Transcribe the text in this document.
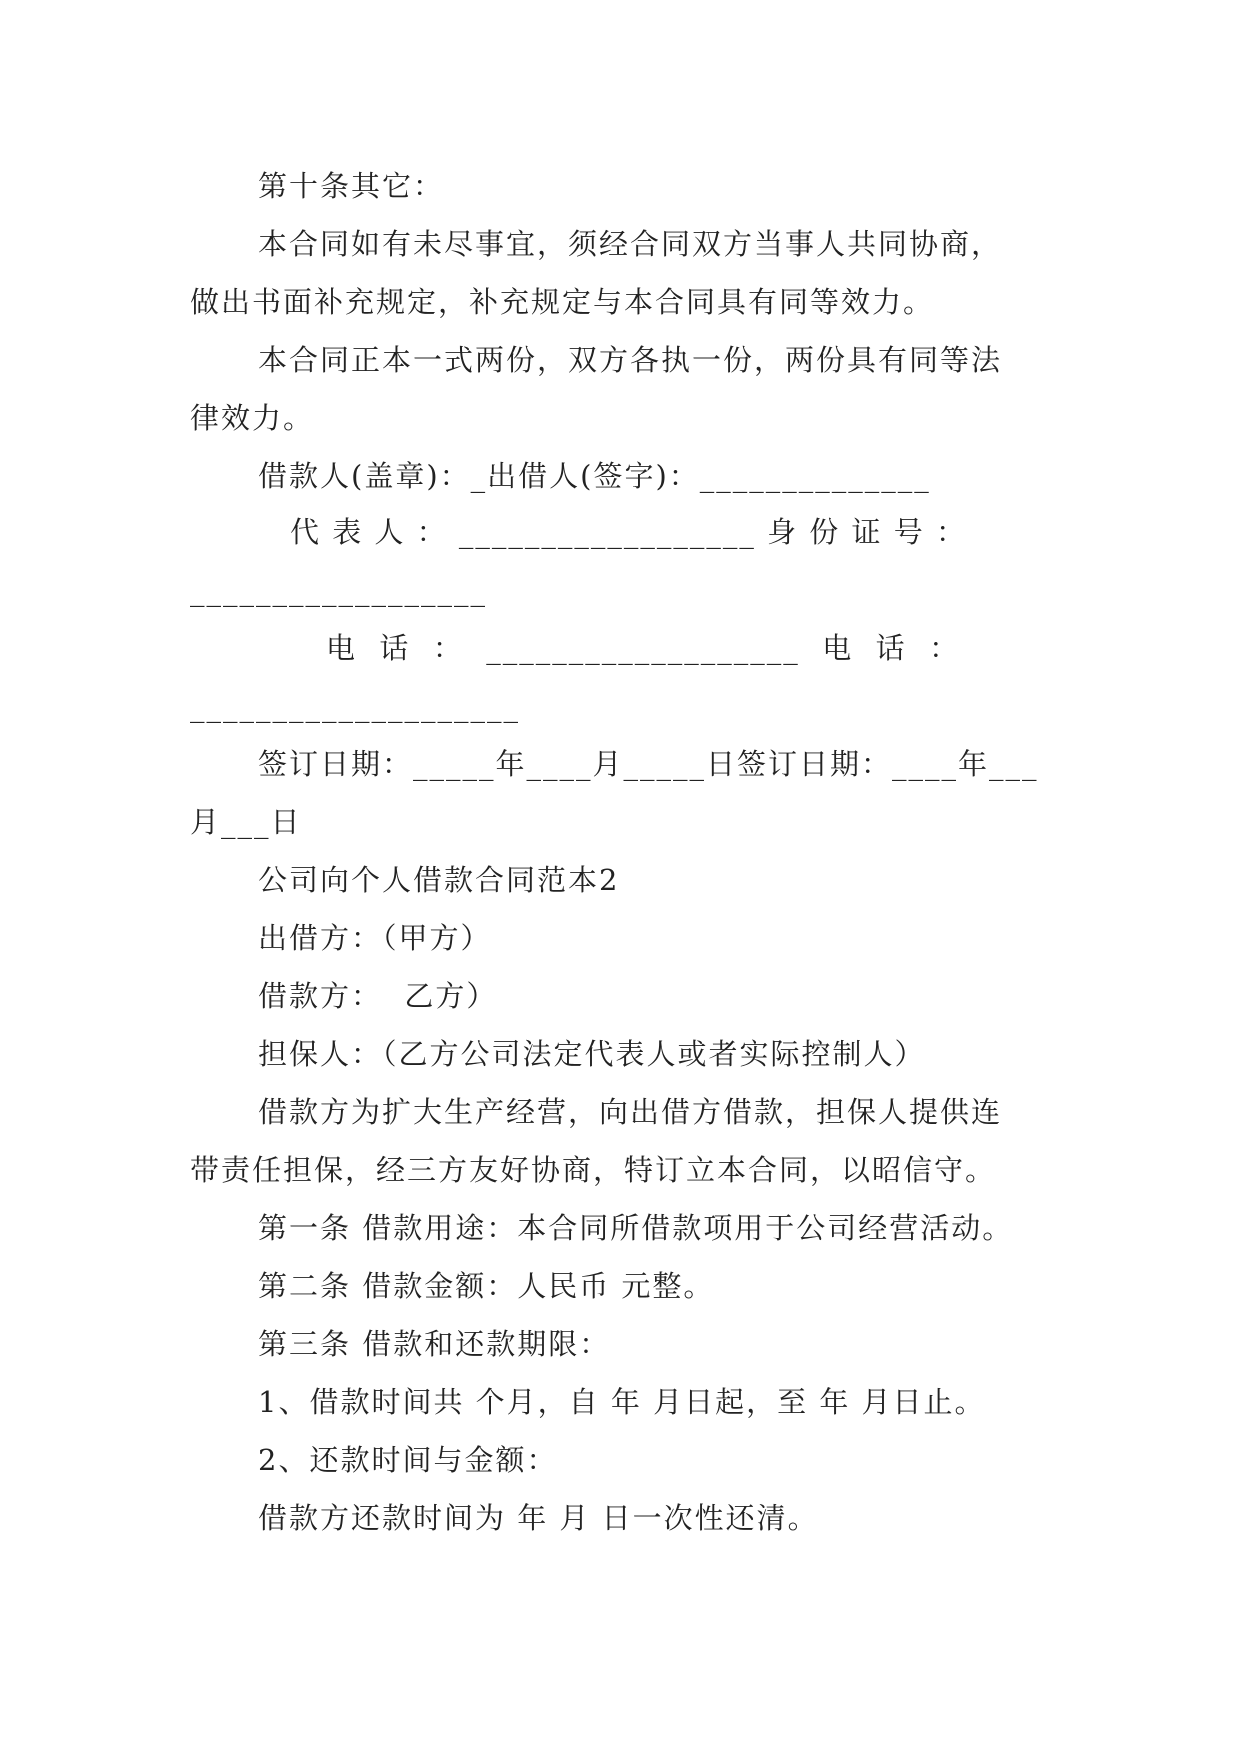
第十条其它：
本合同如有未尽事宜，须经合同双方当事人共同协商，
做出书面补充规定，补充规定与本合同具有同等效力。
本合同正本一式两份，双方各执一份，两份具有同等法
律效力。
借款人(盖章)：_出借人(签字)：______________
代 表 人 ： __________________ 身 份 证 号 ：
__________________
电  话  ：  ___________________  电  话  ：
____________________
签订日期：_____年____月_____日签订日期：____年___
月___日
公司向个人借款合同范本2
出借方：（甲方）
借款方：  乙方）
担保人：（乙方公司法定代表人或者实际控制人）
借款方为扩大生产经营，向出借方借款，担保人提供连
带责任担保，经三方友好协商，特订立本合同，以昭信守。
第一条 借款用途：本合同所借款项用于公司经营活动。
第二条 借款金额：人民币 元整。
第三条 借款和还款期限：
1、借款时间共 个月，自 年 月日起，至 年 月日止。
2、还款时间与金额：
借款方还款时间为 年 月 日一次性还清。
